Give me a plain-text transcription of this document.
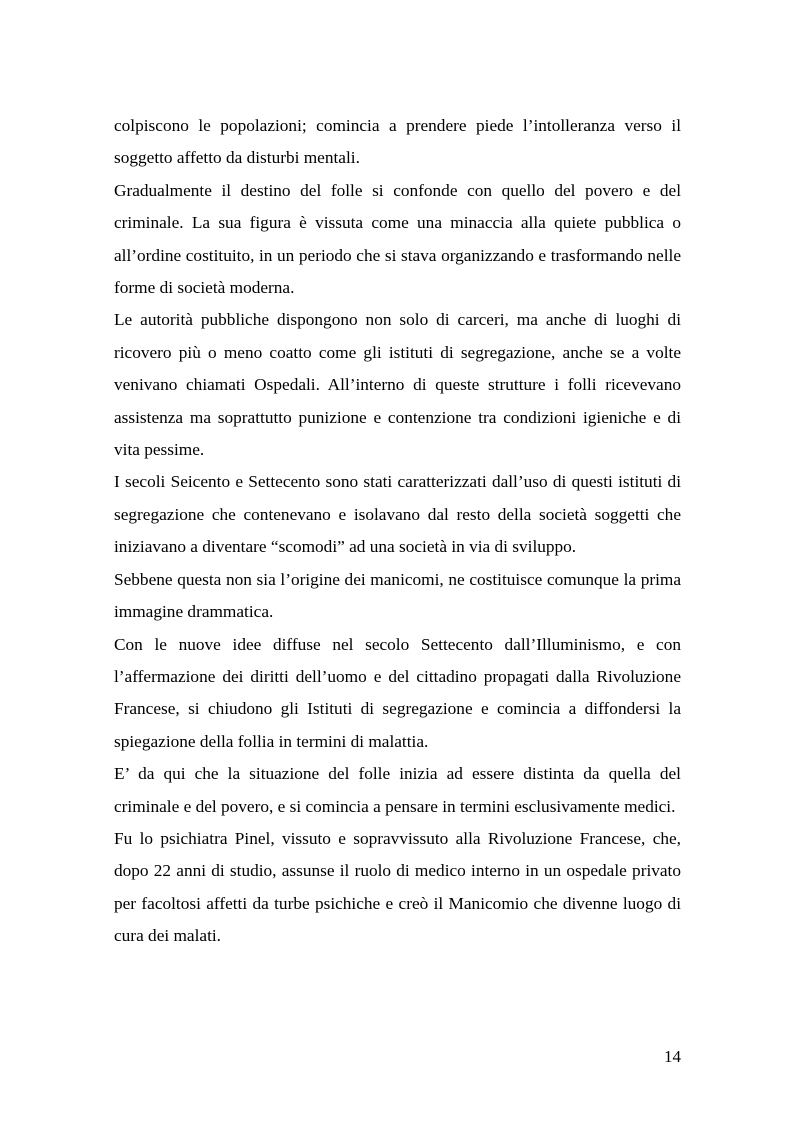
colpiscono le popolazioni; comincia a prendere piede l’intolleranza verso il soggetto affetto da disturbi mentali.

Gradualmente il destino del folle si confonde con quello del povero e del criminale. La sua figura è vissuta come una minaccia alla quiete pubblica o all’ordine costituito, in un periodo che si stava organizzando e trasformando nelle forme di società moderna.

Le autorità pubbliche dispongono non solo di carceri, ma anche di luoghi di ricovero più o meno coatto come gli istituti di segregazione, anche se a volte venivano chiamati Ospedali. All’interno di queste strutture i folli ricevevano assistenza ma soprattutto punizione e contenzione tra condizioni igieniche e di vita pessime.

I secoli Seicento e Settecento sono stati caratterizzati dall’uso di questi istituti di segregazione che contenevano e isolavano dal resto della società soggetti che iniziavano a diventare “scomodi” ad una società in via di sviluppo.

Sebbene questa non sia l’origine dei manicomi, ne costituisce comunque la prima immagine drammatica.

Con le nuove idee diffuse nel secolo Settecento dall’Illuminismo, e con l’affermazione dei diritti dell’uomo e del cittadino propagati dalla Rivoluzione Francese, si chiudono gli Istituti di segregazione e comincia a diffondersi la spiegazione della follia in termini di malattia.

E’ da qui che la situazione del folle inizia ad essere distinta da quella del criminale e del povero, e si comincia a pensare in termini esclusivamente medici.

Fu lo psichiatra Pinel, vissuto e sopravvissuto alla Rivoluzione Francese, che, dopo 22 anni di studio, assunse il ruolo di medico interno in un ospedale privato per facoltosi affetti da turbe psichiche e creò il Manicomio che divenne luogo di cura dei malati.

14
